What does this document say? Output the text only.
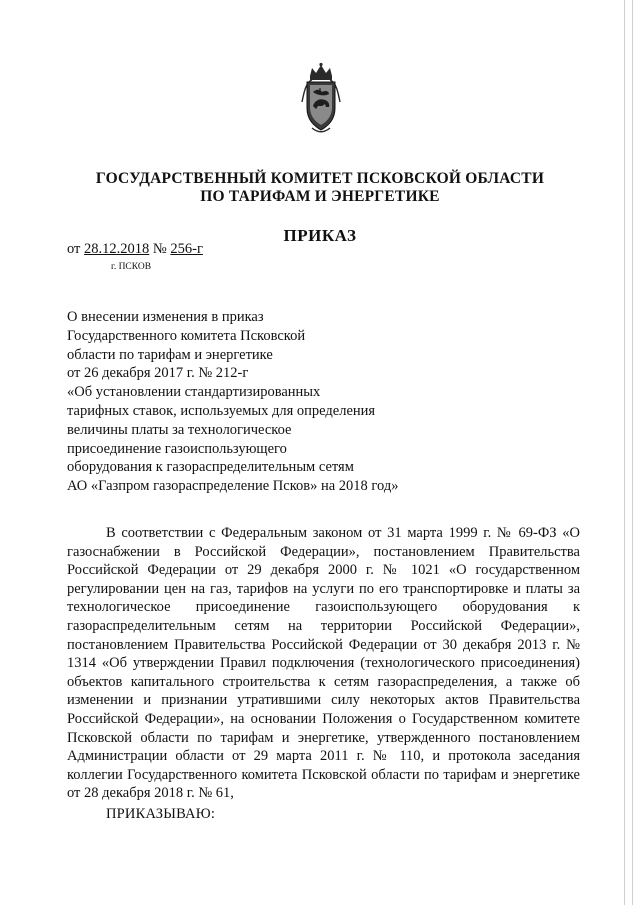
ГОСУДАРСТВЕННЫЙ КОМИТЕТ ПСКОВСКОЙ ОБЛАСТИ
ПО ТАРИФАМ И ЭНЕРГЕТИКЕ
ПРИКАЗ
от 28.12.2018 № 256-г
г. ПСКОВ
О внесении изменения в приказ
Государственного комитета Псковской
области по тарифам и энергетике
от 26 декабря 2017 г. № 212-г
«Об установлении стандартизированных
тарифных ставок, используемых для определения
величины платы за технологическое
присоединение газоиспользующего
оборудования к газораспределительным сетям
АО «Газпром газораспределение Псков» на 2018 год»
В соответствии с Федеральным законом от 31 марта 1999 г. № 69-ФЗ «О газоснабжении в Российской Федерации», постановлением Правительства Российской Федерации от 29 декабря 2000 г. № 1021 «О государственном регулировании цен на газ, тарифов на услуги по его транспортировке и платы за технологическое присоединение газоиспользующего оборудования к газораспределительным сетям на территории Российской Федерации», постановлением Правительства Российской Федерации от 30 декабря 2013 г. № 1314 «Об утверждении Правил подключения (технологического присоединения) объектов капитального строительства к сетям газораспределения, а также об изменении и признании утратившими силу некоторых актов Правительства Российской Федерации», на основании Положения о Государственном комитете Псковской области по тарифам и энергетике, утвержденного постановлением Администрации области от 29 марта 2011 г. № 110, и протокола заседания коллегии Государственного комитета Псковской области по тарифам и энергетике от 28 декабря 2018 г. № 61,
ПРИКАЗЫВАЮ:
